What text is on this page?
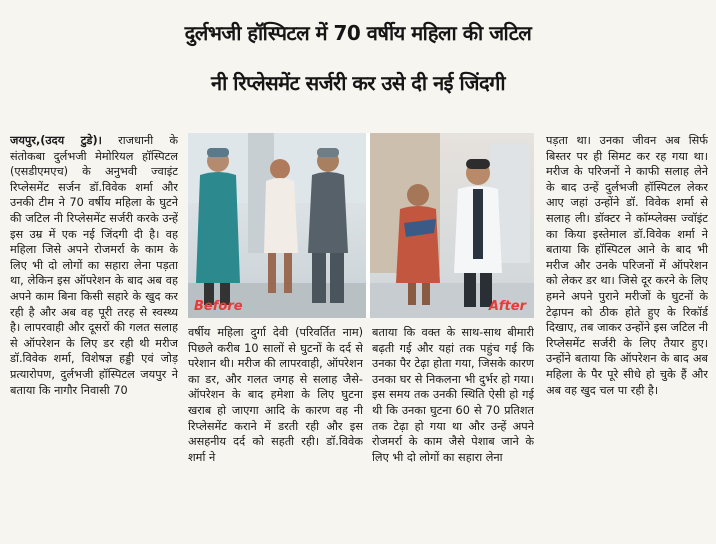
दुर्लभजी हॉस्पिटल में 70 वर्षीय महिला की जटिल
नी रिप्लेसमेंट सर्जरी कर उसे दी नई जिंदगी

जयपुर,(उदय टुडे)। राजधानी के संतोकबा दुर्लभजी मेमोरियल हॉस्पिटल (एसडीएमएच) के अनुभवी ज्वाइंट रिप्लेसमेंट सर्जन डॉ.विवेक शर्मा और उनकी टीम ने 70 वर्षीय महिला के घुटने की जटिल नी रिप्लेसमेंट सर्जरी करके उन्हें इस उम्र में एक नई जिंदगी दी है। वह महिला जिसे अपने रोजमर्रा के काम के लिए भी दो लोगों का सहारा लेना पड़ता था, लेकिन इस ऑपरेशन के बाद अब वह अपने काम बिना किसी सहारे के खुद कर रही है और अब वह पूरी तरह से स्वस्थ्य है। लापरवाही और दूसरों की गलत सलाह से ऑपरेशन के लिए डर रही थी मरीज डॉ.विवेक शर्मा, विशेषज्ञ हड्डी एवं जोड़ प्रत्यारोपण, दुर्लभजी हॉस्पिटल जयपुर ने बताया कि नागौर निवासी 70

Before	After

वर्षीय महिला दुर्गा देवी (परिवर्तित नाम) पिछले करीब 10 सालों से घुटनों के दर्द से परेशान थी। मरीज की लापरवाही, ऑपरेशन का डर, और गलत जगह से सलाह जैसे- ऑपरेशन के बाद हमेशा के लिए घुटना खराब हो जाएगा आदि के कारण वह नी रिप्लेसमेंट कराने में डरती रही और इस असहनीय दर्द को सहती रही। डॉ.विवेक शर्मा ने

बताया कि वक्त के साथ-साथ बीमारी बढ़ती गई और यहां तक पहुंच गई कि उनका पैर टेढ़ा होता गया, जिसके कारण उनका घर से निकलना भी दुर्भर हो गया। इस समय तक उनकी स्थिति ऐसी हो गई थी कि उनका घुटना 60 से 70 प्रतिशत तक टेढ़ा हो गया था और उन्हें अपने रोजमर्रा के काम जैसे पेशाब जाने के लिए भी दो लोगों का सहारा लेना

पड़ता था। उनका जीवन अब सिर्फ बिस्तर पर ही सिमट कर रह गया था। मरीज के परिजनों ने काफी सलाह लेने के बाद उन्हें दुर्लभजी हॉस्पिटल लेकर आए जहां उन्होंने डॉ. विवेक शर्मा से सलाह ली। डॉक्टर ने कॉम्प्लेक्स ज्वॉइंट का किया इस्तेमाल डॉ.विवेक शर्मा ने बताया कि हॉस्पिटल आने के बाद भी मरीज और उनके परिजनों में ऑपरेशन को लेकर डर था। जिसे दूर करने के लिए हमने अपने पुराने मरीजों के घुटनों के टेढ़ापन को ठीक होते हुए के रिकॉर्ड दिखाए, तब जाकर उन्होंने इस जटिल नी रिप्लेसमेंट सर्जरी के लिए तैयार हुए। उन्होंने बताया कि ऑपरेशन के बाद अब महिला के पैर पूरे सीधे हो चुके हैं और अब वह खुद चल पा रही है।
